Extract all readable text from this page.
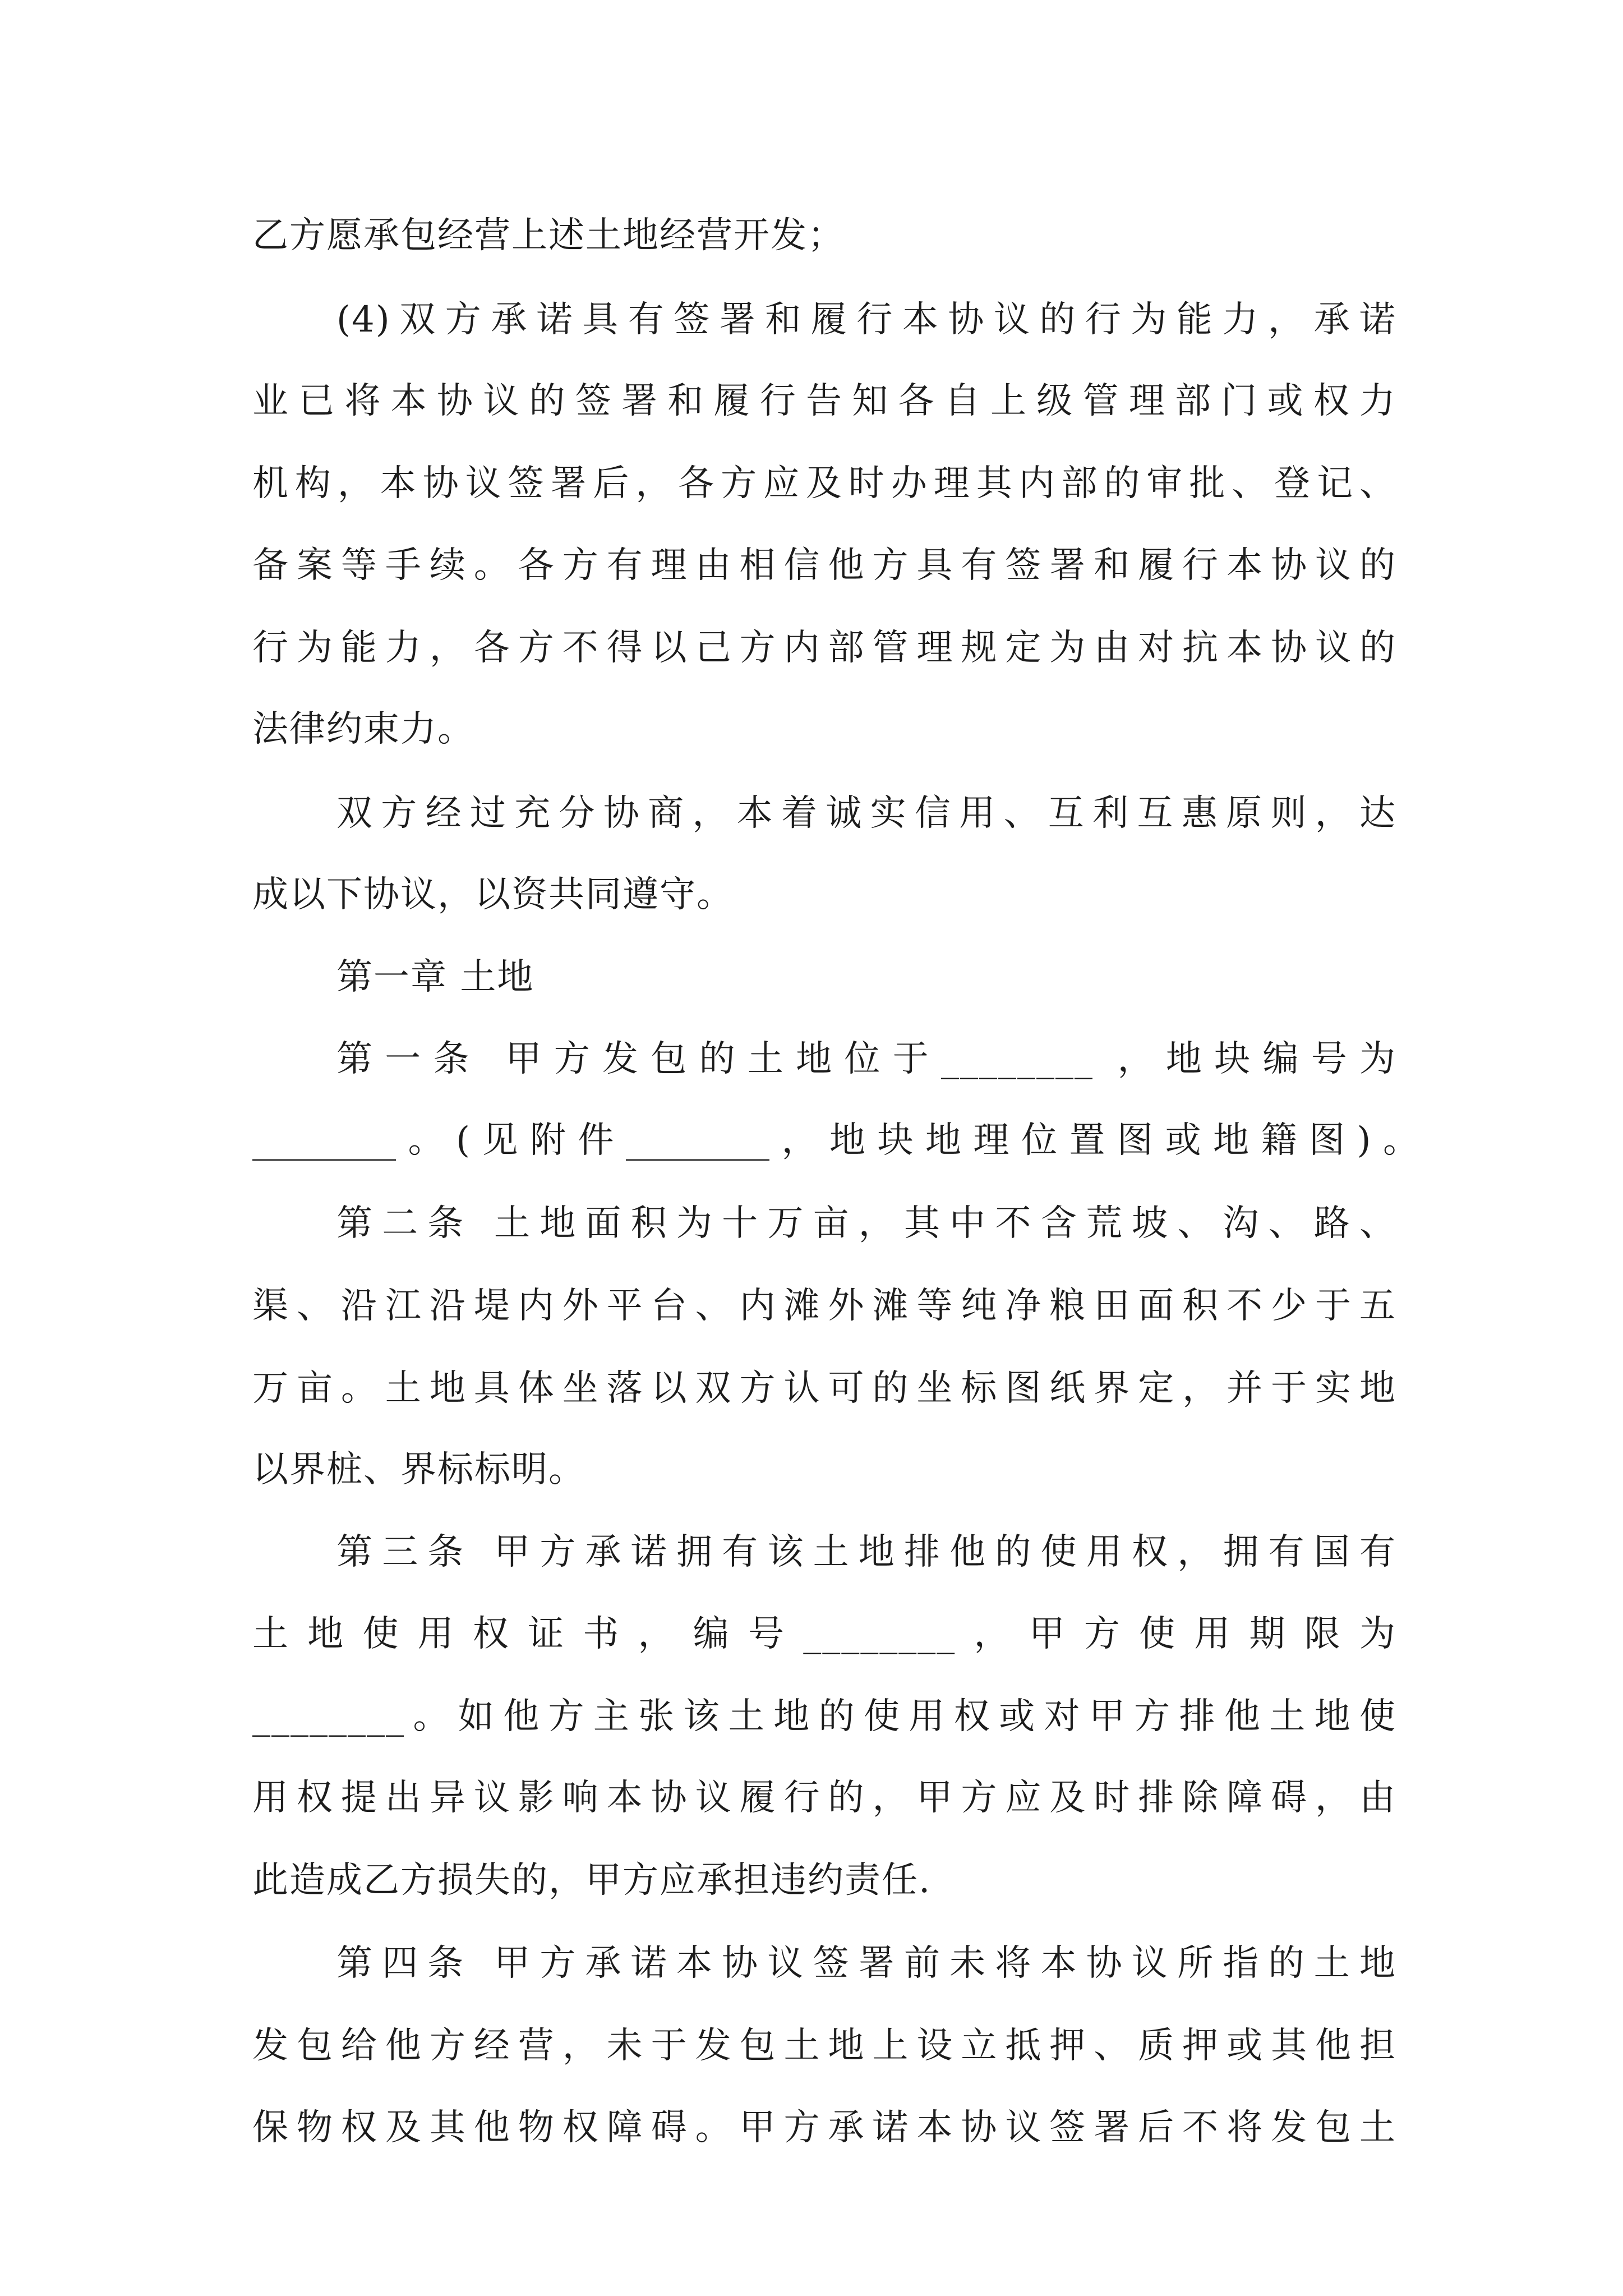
乙方愿承包经营上述土地经营开发；
(4)双方承诺具有签署和履行本协议的行为能力，承诺
业已将本协议的签署和履行告知各自上级管理部门或权力
机构，本协议签署后，各方应及时办理其内部的审批、登记、
备案等手续。各方有理由相信他方具有签署和履行本协议的
行为能力，各方不得以己方内部管理规定为由对抗本协议的
法律约束力。
双方经过充分协商，本着诚实信用、互利互惠原则，达
成以下协议，以资共同遵守。
第一章 土地
第一条 甲方发包的土地位于________ ，地块编号为
________。(见附件________，地块地理位置图或地籍图)。
第二条 土地面积为十万亩，其中不含荒坡、沟、路、
渠、沿江沿堤内外平台、内滩外滩等纯净粮田面积不少于五
万亩。土地具体坐落以双方认可的坐标图纸界定，并于实地
以界桩、界标标明。
第三条 甲方承诺拥有该土地排他的使用权，拥有国有
土地使用权证书，编号________，甲方使用期限为
________。如他方主张该土地的使用权或对甲方排他土地使
用权提出异议影响本协议履行的，甲方应及时排除障碍，由
此造成乙方损失的，甲方应承担违约责任.
第四条 甲方承诺本协议签署前未将本协议所指的土地
发包给他方经营，未于发包土地上设立抵押、质押或其他担
保物权及其他物权障碍。甲方承诺本协议签署后不将发包土
